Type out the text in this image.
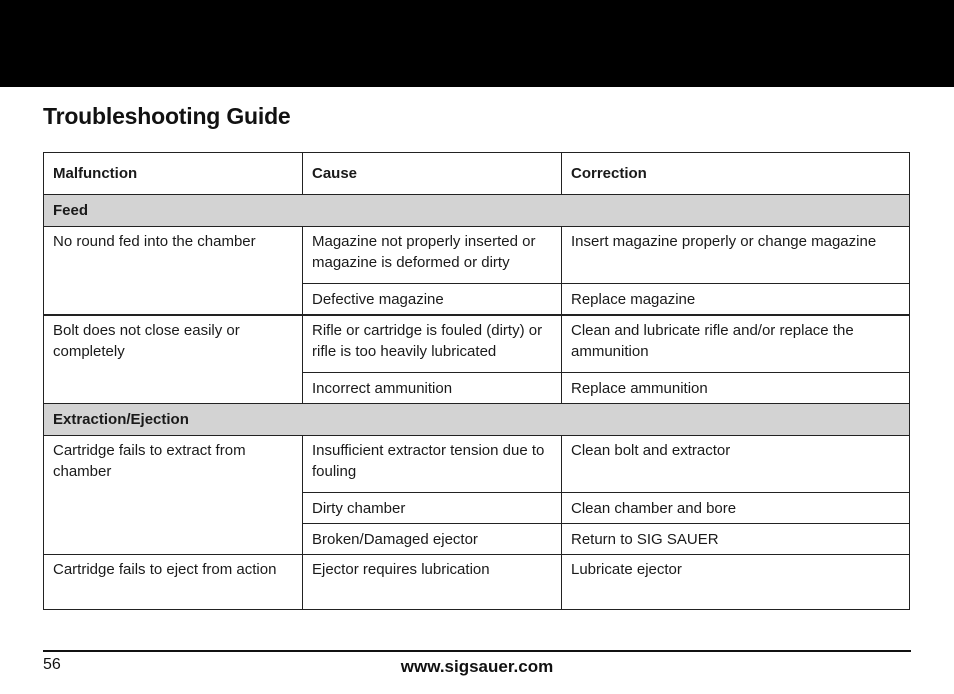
Troubleshooting Guide
Malfunction	Cause	Correction
Feed		
No round fed into the chamber	Magazine not properly inserted or magazine is deformed or dirty	Insert magazine properly or change magazine
	Defective magazine	Replace magazine
Bolt does not close easily or completely	Rifle or cartridge is fouled (dirty) or rifle is too heavily lubricated	Clean and lubricate rifle and/or replace the ammunition
	Incorrect ammunition	Replace ammunition
Extraction/Ejection		
Cartridge fails to extract from chamber	Insufficient extractor tension due to fouling	Clean bolt and extractor
	Dirty chamber	Clean chamber and bore
	Broken/Damaged ejector	Return to SIG SAUER
Cartridge fails to eject from action	Ejector requires lubrication	Lubricate ejector
56	www.sigsauer.com
